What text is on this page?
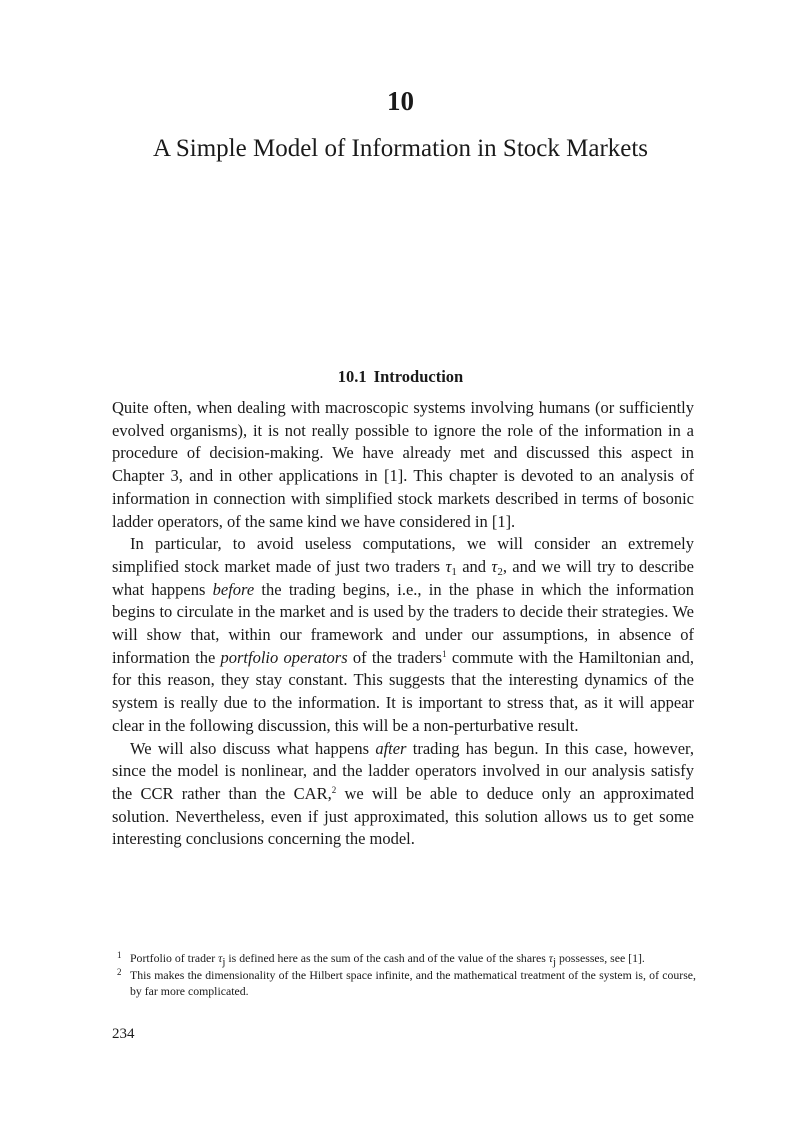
10
A Simple Model of Information in Stock Markets
10.1 Introduction

Quite often, when dealing with macroscopic systems involving humans (or sufficiently evolved organisms), it is not really possible to ignore the role of the information in a procedure of decision-making. We have already met and discussed this aspect in Chapter 3, and in other applications in [1]. This chapter is devoted to an analysis of information in connection with simplified stock markets described in terms of bosonic ladder operators, of the same kind we have considered in [1].

In particular, to avoid useless computations, we will consider an extremely simplified stock market made of just two traders $\tau_1$ and $\tau_2$, and we will try to describe what happens before the trading begins, i.e., in the phase in which the information begins to circulate in the market and is used by the traders to decide their strategies. We will show that, within our framework and under our assumptions, in absence of information the portfolio operators of the traders$^1$ commute with the Hamiltonian and, for this reason, they stay constant. This suggests that the interesting dynamics of the system is really due to the information. It is important to stress that, as it will appear clear in the following discussion, this will be a non-perturbative result.

We will also discuss what happens after trading has begun. In this case, however, since the model is nonlinear, and the ladder operators involved in our analysis satisfy the CCR rather than the CAR,$^2$ we will be able to deduce only an approximated solution. Nevertheless, even if just approximated, this solution allows us to get some interesting conclusions concerning the model.

1 Portfolio of trader $\tau_j$ is defined here as the sum of the cash and of the value of the shares $\tau_j$ possesses, see [1].
2 This makes the dimensionality of the Hilbert space infinite, and the mathematical treatment of the system is, of course, by far more complicated.
234
